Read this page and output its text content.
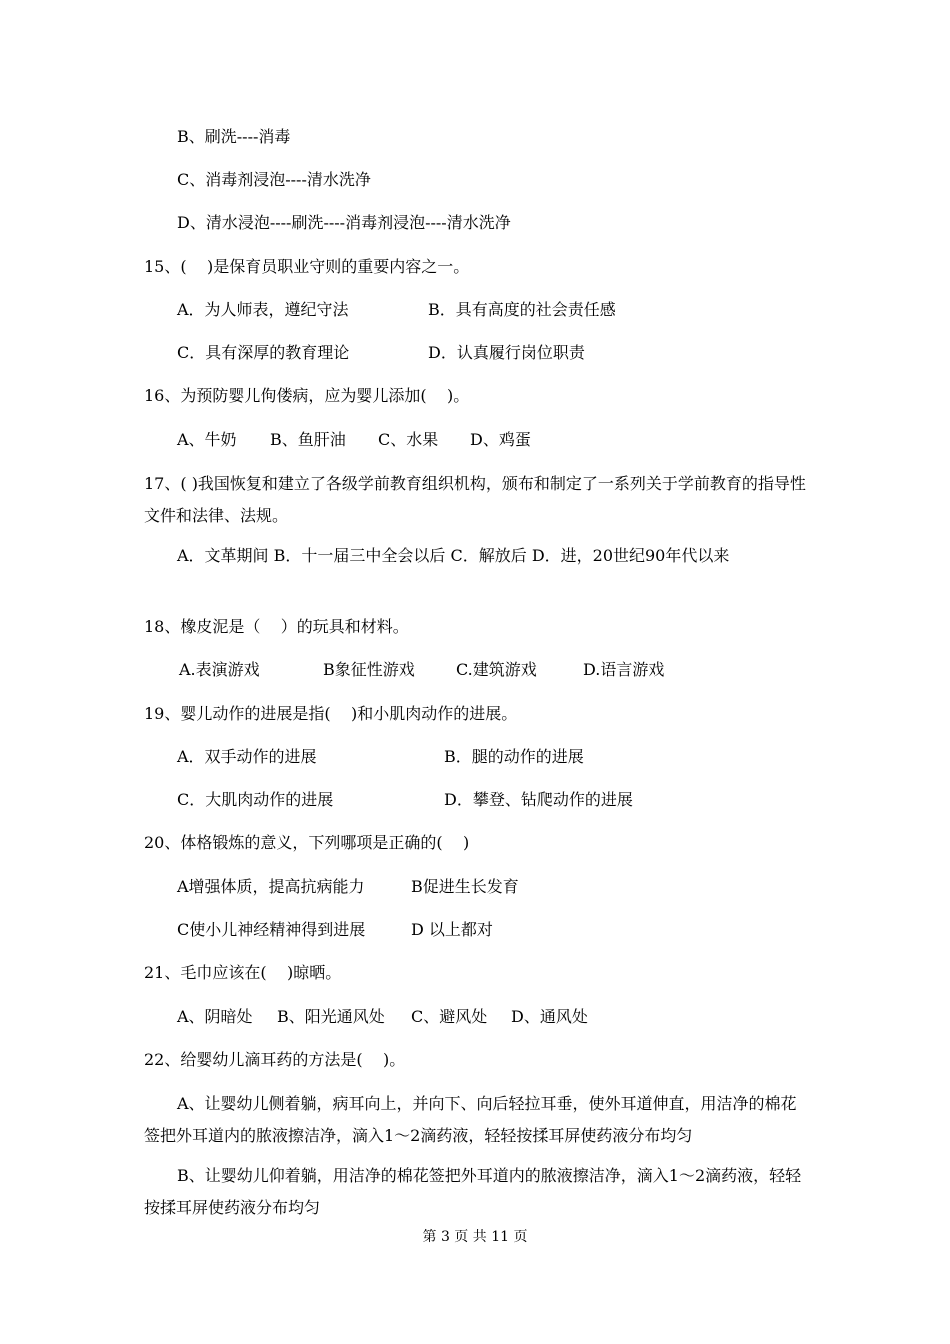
B、刷洗----消毒
C、消毒剂浸泡----清水洗净
D、清水浸泡----刷洗----消毒剂浸泡----清水洗净
15、(    )是保育员职业守则的重要内容之一。
A．为人师表，遵纪守法	B．具有高度的社会责任感
C．具有深厚的教育理论	D．认真履行岗位职责
16、为预防婴儿佝偻病，应为婴儿添加(    )。
A、牛奶 B、鱼肝油 C、水果 D、鸡蛋
17、( )我国恢复和建立了各级学前教育组织机构，颁布和制定了一系列关于学前教育的指导性文件和法律、法规。
A．文革期间 B．十一届三中全会以后 C．解放后 D．进，20世纪90年代以来
18、橡皮泥是（    ）的玩具和材料。
A.表演游戏	B象征性游戏	C.建筑游戏	D.语言游戏
19、婴儿动作的进展是指(    )和小肌肉动作的进展。
A．双手动作的进展	B．腿的动作的进展
C．大肌肉动作的进展	D．攀登、钻爬动作的进展
20、体格锻炼的意义，下列哪项是正确的(    )
A增强体质，提高抗病能力	B促进生长发育
C使小儿神经精神得到进展	D 以上都对
21、毛巾应该在(    )晾晒。
A、阴暗处 B、阳光通风处 C、避风处 D、通风处
22、给婴幼儿滴耳药的方法是(    )。
A、让婴幼儿侧着躺，病耳向上，并向下、向后轻拉耳垂，使外耳道伸直，用洁净的棉花签把外耳道内的脓液擦洁净，滴入1～2滴药液，轻轻按揉耳屏使药液分布均匀
B、让婴幼儿仰着躺，用洁净的棉花签把外耳道内的脓液擦洁净，滴入1～2滴药液，轻轻按揉耳屏使药液分布均匀
第 3 页 共 11 页
